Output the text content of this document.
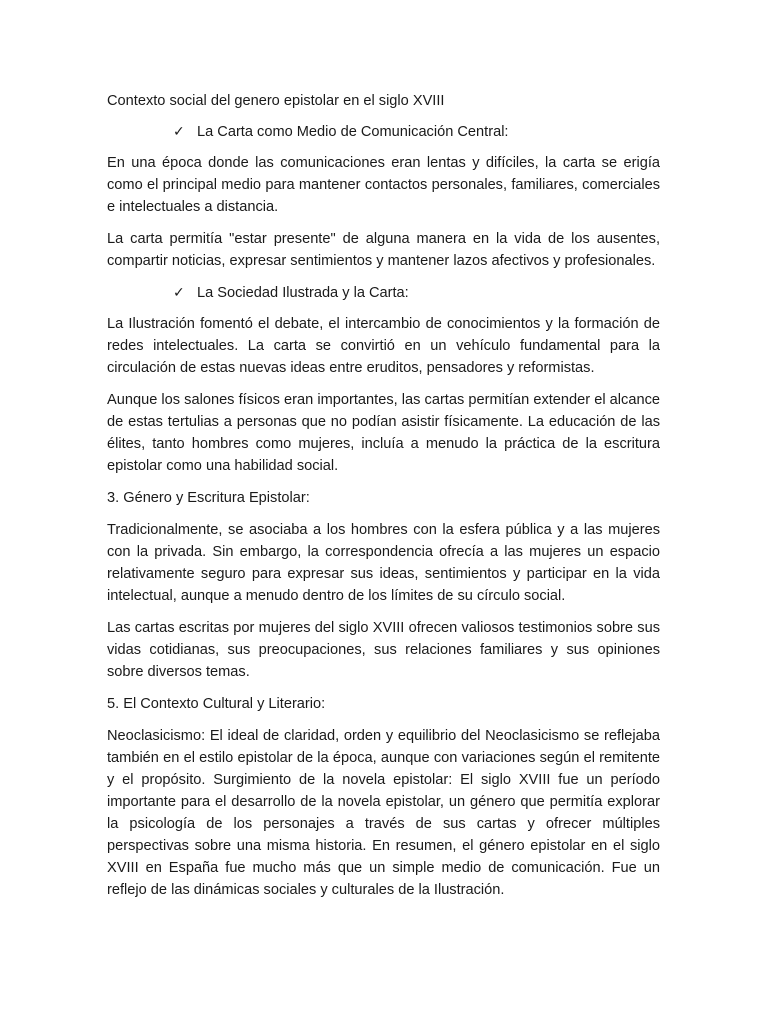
Contexto social del genero epistolar en el siglo XVIII
✓ La Carta como Medio de Comunicación Central:
En una época donde las comunicaciones eran lentas y difíciles, la carta se erigía como el principal medio para mantener contactos personales, familiares, comerciales e intelectuales a distancia.
La carta permitía "estar presente" de alguna manera en la vida de los ausentes, compartir noticias, expresar sentimientos y mantener lazos afectivos y profesionales.
✓ La Sociedad Ilustrada y la Carta:
La Ilustración fomentó el debate, el intercambio de conocimientos y la formación de redes intelectuales. La carta se convirtió en un vehículo fundamental para la circulación de estas nuevas ideas entre eruditos, pensadores y reformistas.
Aunque los salones físicos eran importantes, las cartas permitían extender el alcance de estas tertulias a personas que no podían asistir físicamente. La educación de las élites, tanto hombres como mujeres, incluía a menudo la práctica de la escritura epistolar como una habilidad social.
3. Género y Escritura Epistolar:
Tradicionalmente, se asociaba a los hombres con la esfera pública y a las mujeres con la privada. Sin embargo, la correspondencia ofrecía a las mujeres un espacio relativamente seguro para expresar sus ideas, sentimientos y participar en la vida intelectual, aunque a menudo dentro de los límites de su círculo social.
Las cartas escritas por mujeres del siglo XVIII ofrecen valiosos testimonios sobre sus vidas cotidianas, sus preocupaciones, sus relaciones familiares y sus opiniones sobre diversos temas.
5. El Contexto Cultural y Literario:
Neoclasicismo: El ideal de claridad, orden y equilibrio del Neoclasicismo se reflejaba también en el estilo epistolar de la época, aunque con variaciones según el remitente y el propósito. Surgimiento de la novela epistolar: El siglo XVIII fue un período importante para el desarrollo de la novela epistolar, un género que permitía explorar la psicología de los personajes a través de sus cartas y ofrecer múltiples perspectivas sobre una misma historia. En resumen, el género epistolar en el siglo XVIII en España fue mucho más que un simple medio de comunicación. Fue un reflejo de las dinámicas sociales y culturales de la Ilustración.
